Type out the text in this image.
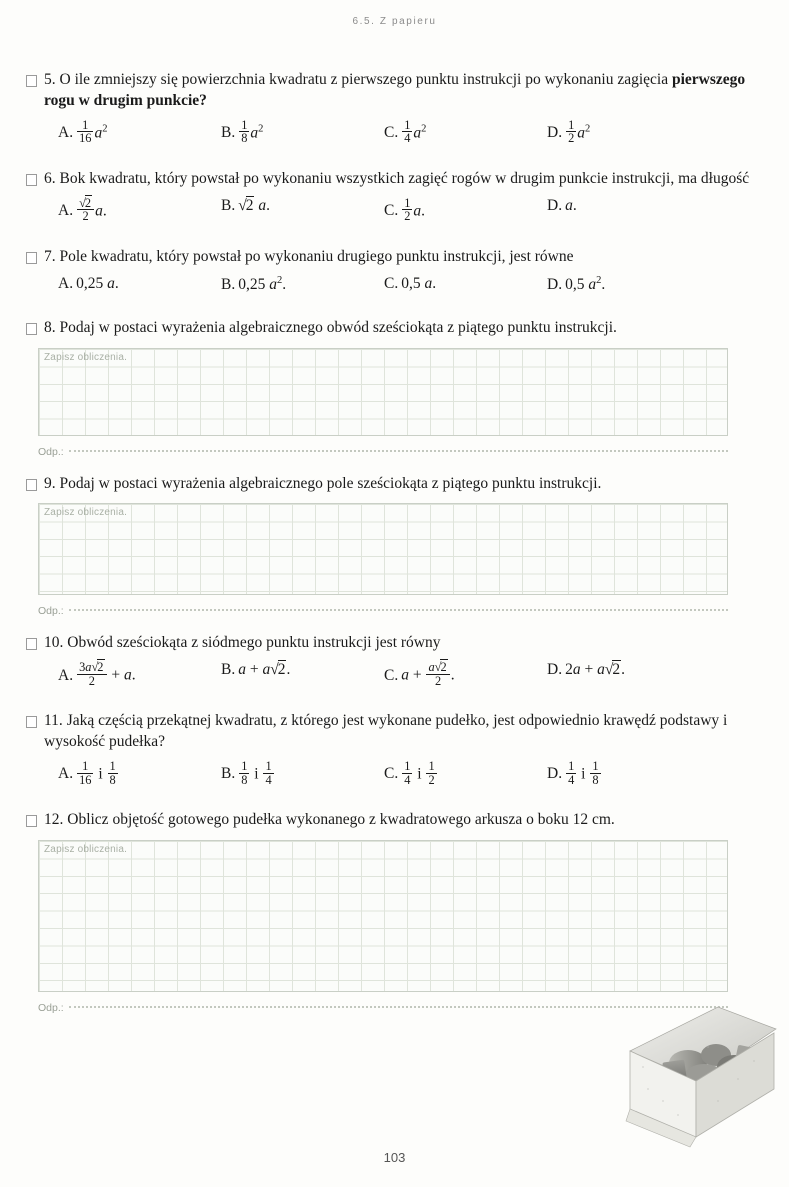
6.5. Z papieru
5. O ile zmniejszy się powierzchnia kwadratu z pierwszego punktu instrukcji po wykonaniu zagięcia pierwszego rogu w drugim punkcie?
A. $\frac{1}{16} a^2$	B. $\frac{1}{8} a^2$	C. $\frac{1}{4} a^2$	D. $\frac{1}{2} a^2$
6. Bok kwadratu, który powstał po wykonaniu wszystkich zagięć rogów w drugim punkcie instrukcji, ma długość
A. $\frac{√2}{2} a$.	B. √2 a.	C. $\frac{1}{2} a$.	D. a.
7. Pole kwadratu, który powstał po wykonaniu drugiego punktu instrukcji, jest równe
A. 0,25 a.	B. 0,25 $a^2$.	C. 0,5 a.	D. 0,5 $a^2$.
8. Podaj w postaci wyrażenia algebraicznego obwód sześciokąta z piątego punktu instrukcji.
Zapisz obliczenia.
Odp.:
9. Podaj w postaci wyrażenia algebraicznego pole sześciokąta z piątego punktu instrukcji.
Zapisz obliczenia.
Odp.:
10. Obwód sześciokąta z siódmego punktu instrukcji jest równy
A. $\frac{3a√2}{2} + a$.	B. a + a√2.	C. $a + \frac{a√2}{2}$ .	D. 2a + a√2.
11. Jaką częścią przekątnej kwadratu, z którego jest wykonane pudełko, jest odpowiednio krawędź podstawy i wysokość pudełka?
A. $\frac{1}{16}$ i $\frac{1}{8}$	B. $\frac{1}{8}$ i $\frac{1}{4}$	C. $\frac{1}{4}$ i $\frac{1}{2}$	D. $\frac{1}{4}$ i $\frac{1}{8}$
12. Oblicz objętość gotowego pudełka wykonanego z kwadratowego arkusza o boku 12 cm.
Zapisz obliczenia.
Odp.:
103
